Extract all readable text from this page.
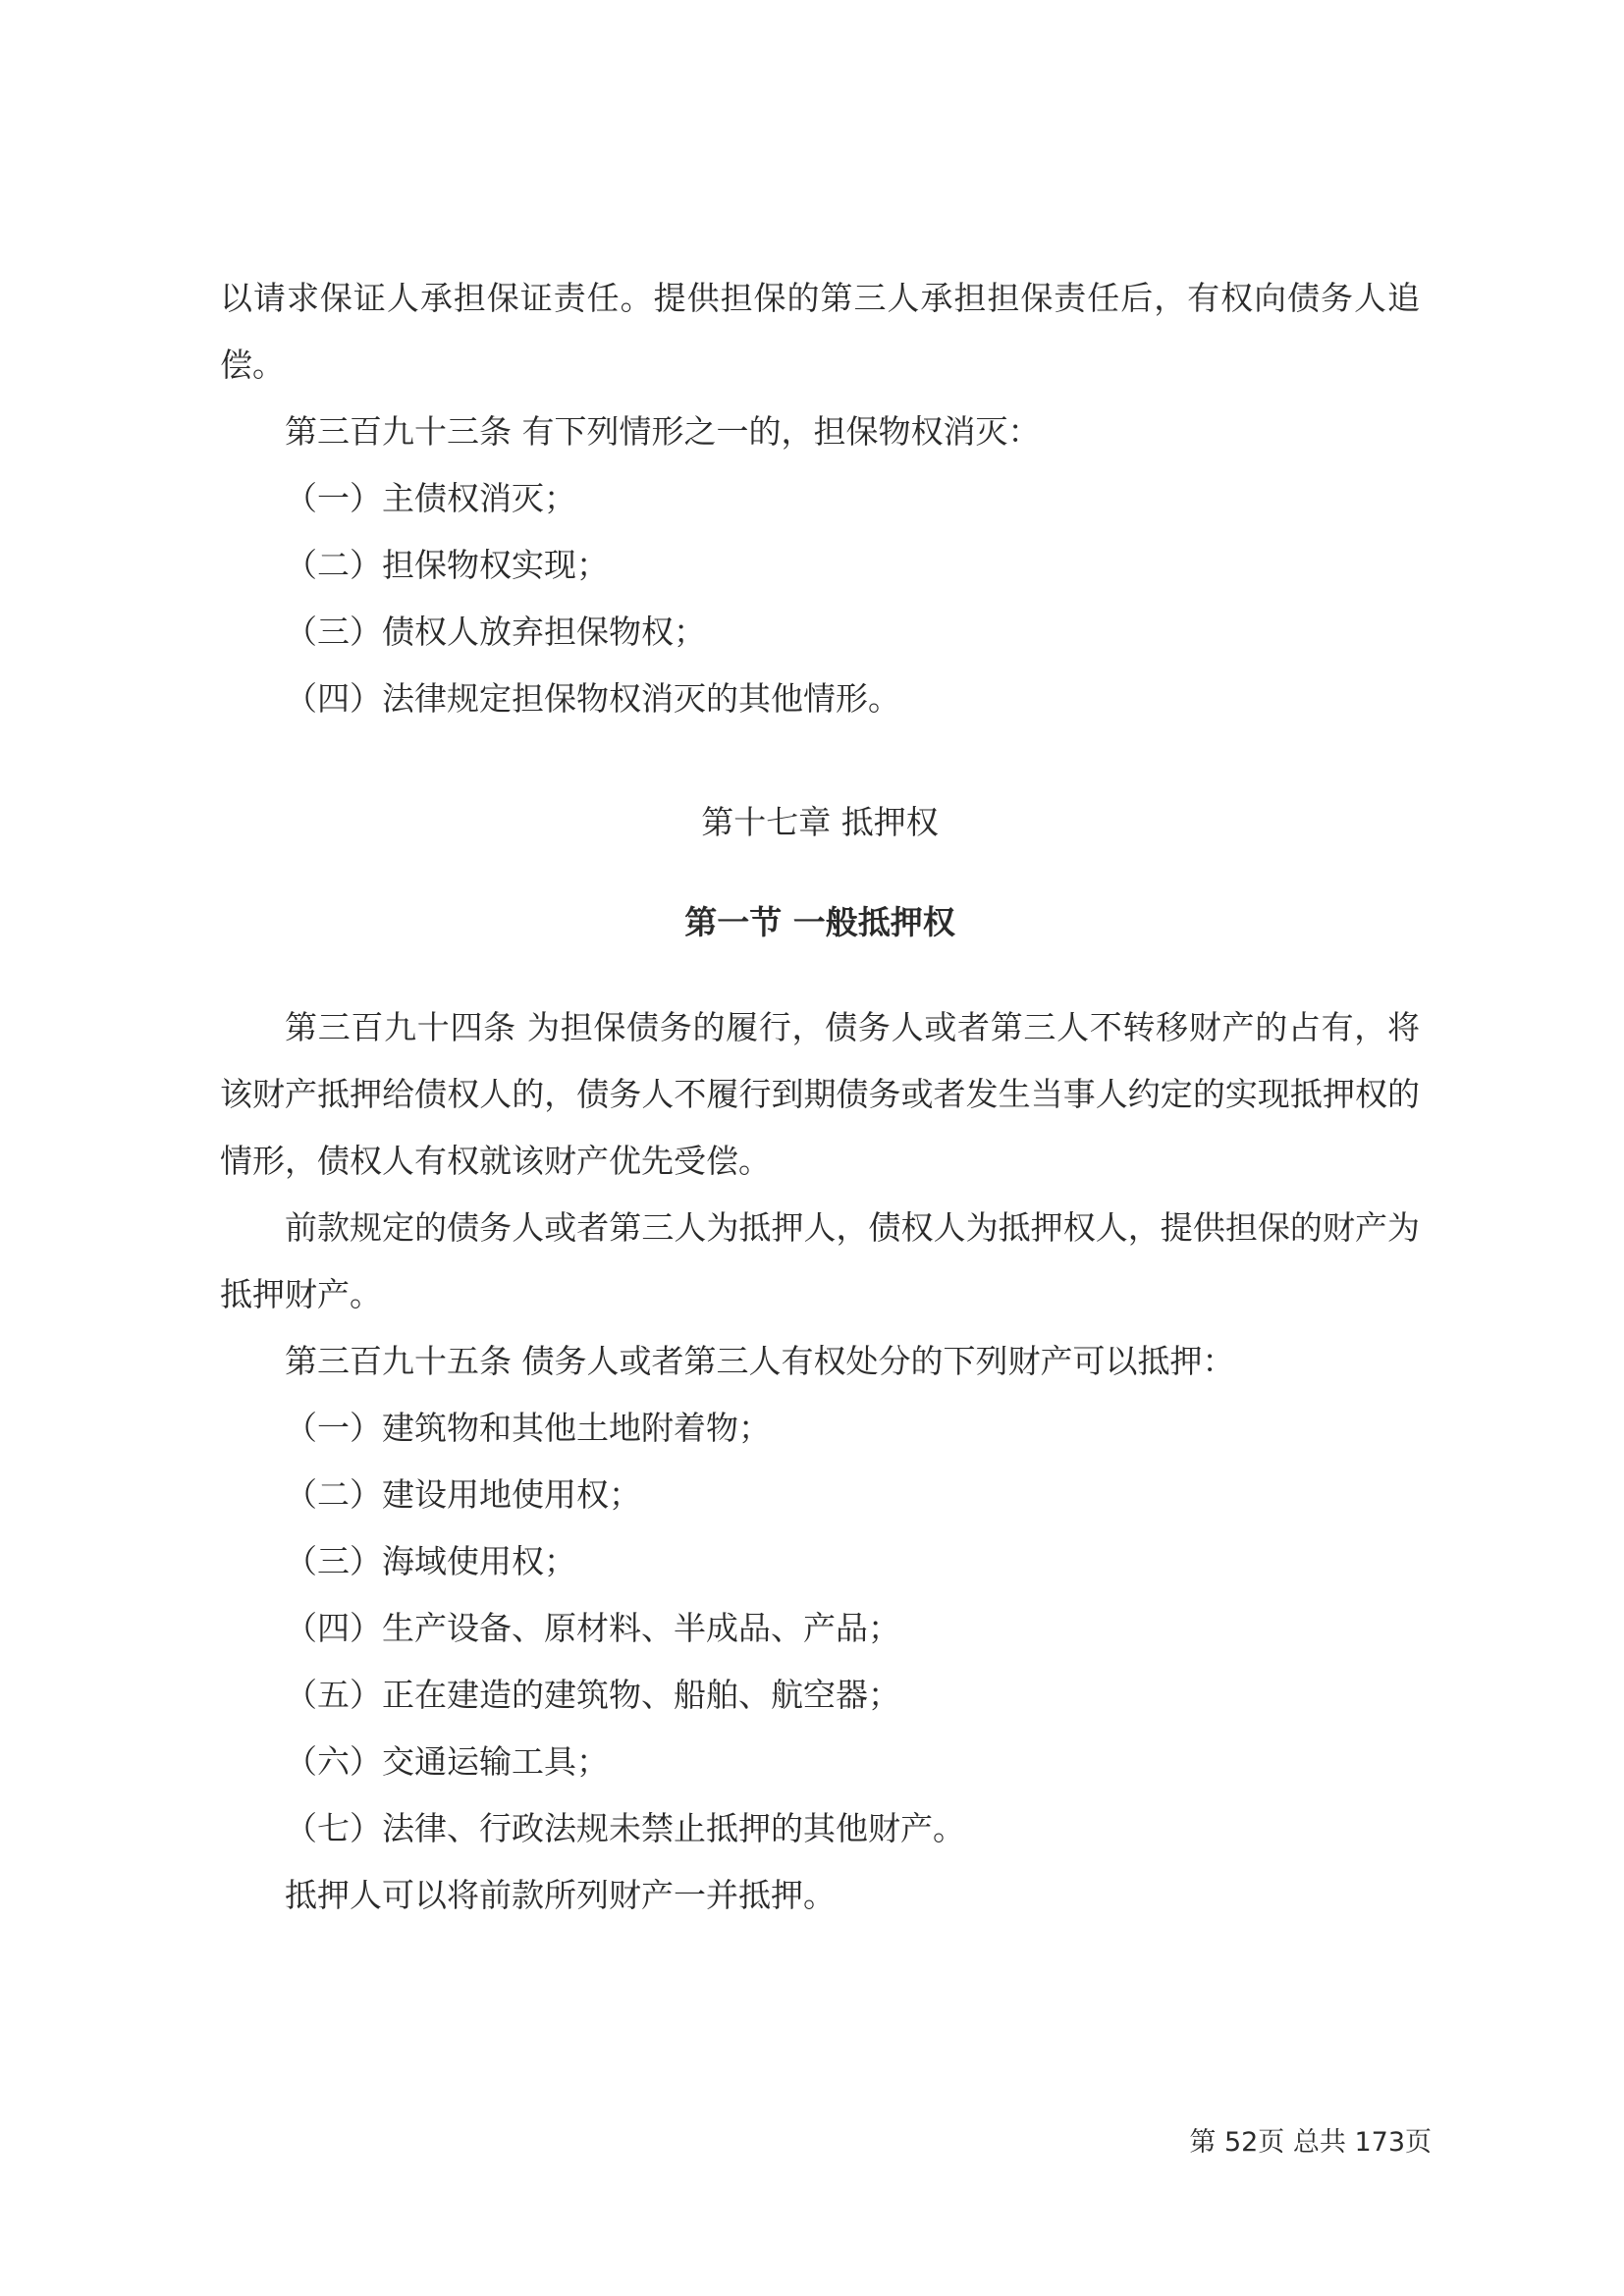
以请求保证人承担保证责任。提供担保的第三人承担担保责任后，有权向债务人追偿。

第三百九十三条 有下列情形之一的，担保物权消灭：

（一）主债权消灭；

（二）担保物权实现；

（三）债权人放弃担保物权；

（四）法律规定担保物权消灭的其他情形。

第十七章 抵押权
第一节 一般抵押权

第三百九十四条 为担保债务的履行，债务人或者第三人不转移财产的占有，将该财产抵押给债权人的，债务人不履行到期债务或者发生当事人约定的实现抵押权的情形，债权人有权就该财产优先受偿。

前款规定的债务人或者第三人为抵押人，债权人为抵押权人，提供担保的财产为抵押财产。

第三百九十五条 债务人或者第三人有权处分的下列财产可以抵押：

（一）建筑物和其他土地附着物；

（二）建设用地使用权；

（三）海域使用权；

（四）生产设备、原材料、半成品、产品；

（五）正在建造的建筑物、船舶、航空器；

（六）交通运输工具；

（七）法律、行政法规未禁止抵押的其他财产。

抵押人可以将前款所列财产一并抵押。

第 52页 总共 173页
